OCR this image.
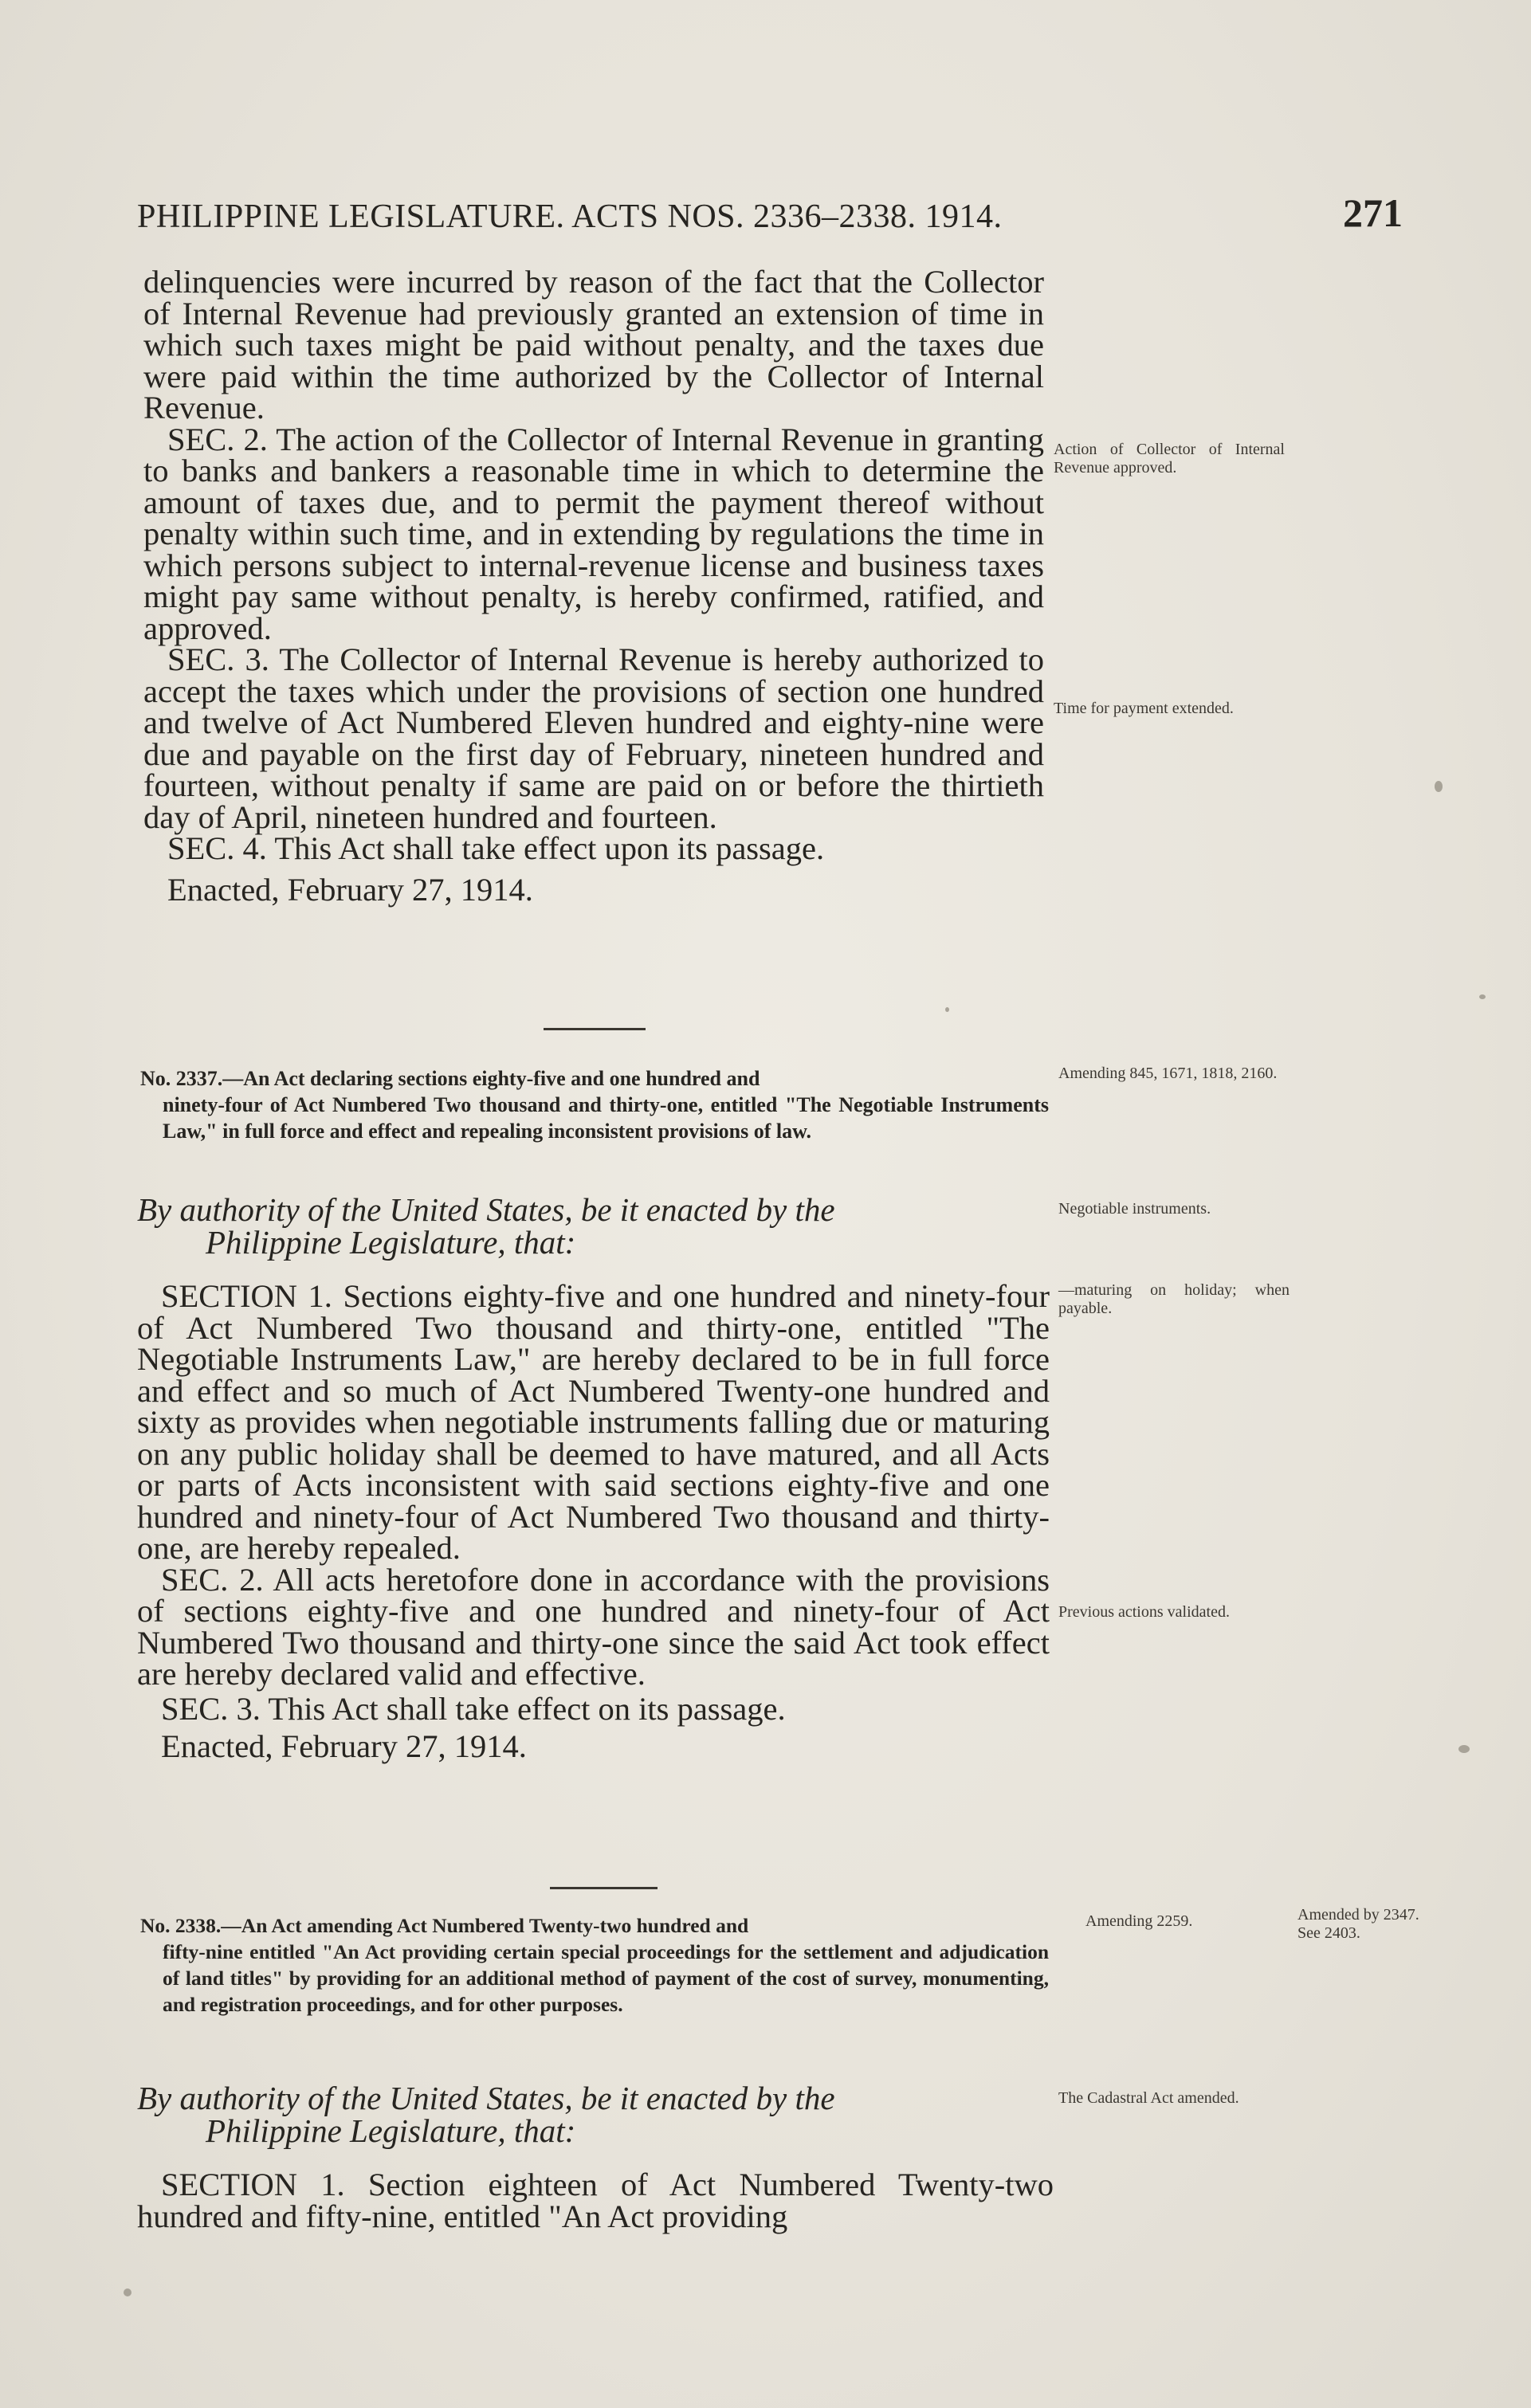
PHILIPPINE LEGISLATURE. ACTS NOS. 2336–2338. 1914.	271

delinquencies were incurred by reason of the fact that the Collector of Internal Revenue had previously granted an extension of time in which such taxes might be paid without penalty, and the taxes due were paid within the time authorized by the Collector of Internal Revenue.

SEC. 2. The action of the Collector of Internal Revenue in granting to banks and bankers a reasonable time in which to determine the amount of taxes due, and to permit the payment thereof without penalty within such time, and in extending by regulations the time in which persons subject to internal-revenue license and business taxes might pay same without penalty, is hereby confirmed, ratified, and approved.

SEC. 3. The Collector of Internal Revenue is hereby authorized to accept the taxes which under the provisions of section one hundred and twelve of Act Numbered Eleven hundred and eighty-nine were due and payable on the first day of February, nineteen hundred and fourteen, without penalty if same are paid on or before the thirtieth day of April, nineteen hundred and fourteen.

SEC. 4. This Act shall take effect upon its passage.

Enacted, February 27, 1914.

Action of Collector of Internal Revenue approved.
Time for payment extended.
No. 2337.—An Act declaring sections eighty-five and one hundred and
ninety-four of Act Numbered Two thousand and thirty-one, entitled "The Negotiable Instruments Law," in full force and effect and repealing inconsistent provisions of law.
Amending 845, 1671, 1818, 2160.
By authority of the United States, be it enacted by the
Philippine Legislature, that:
Negotiable instruments.

SECTION 1. Sections eighty-five and one hundred and ninety-four of Act Numbered Two thousand and thirty-one, entitled "The Negotiable Instruments Law," are hereby declared to be in full force and effect and so much of Act Numbered Twenty-one hundred and sixty as provides when negotiable instruments falling due or maturing on any public holiday shall be deemed to have matured, and all Acts or parts of Acts inconsistent with said sections eighty-five and one hundred and ninety-four of Act Numbered Two thousand and thirty-one, are hereby repealed.

SEC. 2. All acts heretofore done in accordance with the provisions of sections eighty-five and one hundred and ninety-four of Act Numbered Two thousand and thirty-one since the said Act took effect are hereby declared valid and effective.

SEC. 3. This Act shall take effect on its passage.

Enacted, February 27, 1914.

—maturing on holiday; when payable.
Previous actions validated.
No. 2338.—An Act amending Act Numbered Twenty-two hundred and
fifty-nine entitled "An Act providing certain special proceedings for the settlement and adjudication of land titles" by providing for an additional method of payment of the cost of survey, monumenting, and registration proceedings, and for other purposes.
Amending 2259.	Amended by 2347. See 2403.
By authority of the United States, be it enacted by the
Philippine Legislature, that:
The Cadastral Act amended.

SECTION 1. Section eighteen of Act Numbered Twenty-two hundred and fifty-nine, entitled "An Act providing
